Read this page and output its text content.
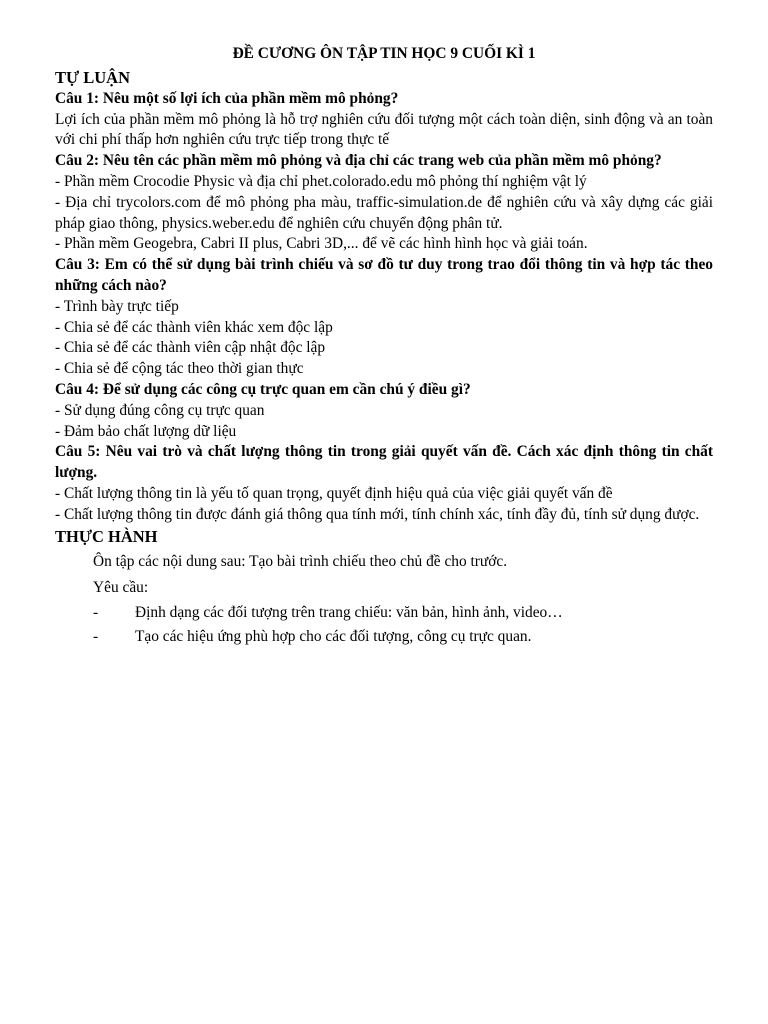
ĐỀ CƯƠNG ÔN TẬP TIN HỌC 9 CUỐI KÌ 1
TỰ LUẬN
Câu 1: Nêu một số lợi ích của phần mềm mô phỏng?
Lợi ích của phần mềm mô phỏng là hỗ trợ nghiên cứu đối tượng một cách toàn diện, sinh động và an toàn với chi phí thấp hơn nghiên cứu trực tiếp trong thực tế
Câu 2: Nêu tên các phần mềm mô phỏng và địa chỉ các trang web của phần mềm mô phỏng?
- Phần mềm Crocodie Physic và địa chỉ phet.colorado.edu mô phỏng thí nghiệm vật lý
- Địa chỉ trycolors.com để mô phỏng pha màu, traffic-simulation.de để nghiên cứu và xây dựng các giải pháp giao thông, physics.weber.edu để nghiên cứu chuyển động phân tử.
- Phần mềm Geogebra, Cabri II plus, Cabri 3D,... để vẽ các hình hình học và giải toán.
Câu 3: Em có thể sử dụng bài trình chiếu và sơ đồ tư duy trong trao đổi thông tin và hợp tác theo những cách nào?
- Trình bày trực tiếp
- Chia sẻ để các thành viên khác xem độc lập
- Chia sẻ để các thành viên cập nhật độc lập
- Chia sẻ để cộng tác theo thời gian thực
Câu 4: Để sử dụng các công cụ trực quan em cần chú ý điều gì?
- Sử dụng đúng công cụ trực quan
- Đảm bảo chất lượng dữ liệu
Câu 5: Nêu vai trò và chất lượng thông tin trong giải quyết vấn đề. Cách xác định thông tin chất lượng.
- Chất lượng thông tin là yếu tố quan trọng, quyết định hiệu quả của việc giải quyết vấn đề
- Chất lượng thông tin được đánh giá thông qua tính mới, tính chính xác, tính đầy đủ, tính sử dụng được.
THỰC HÀNH
Ôn tập các nội dung sau: Tạo bài trình chiếu theo chủ đề cho trước.
Yêu cầu:
-	Định dạng các đối tượng trên trang chiếu: văn bản, hình ảnh, video…
-	Tạo các hiệu ứng phù hợp cho các đối tượng, công cụ trực quan.
